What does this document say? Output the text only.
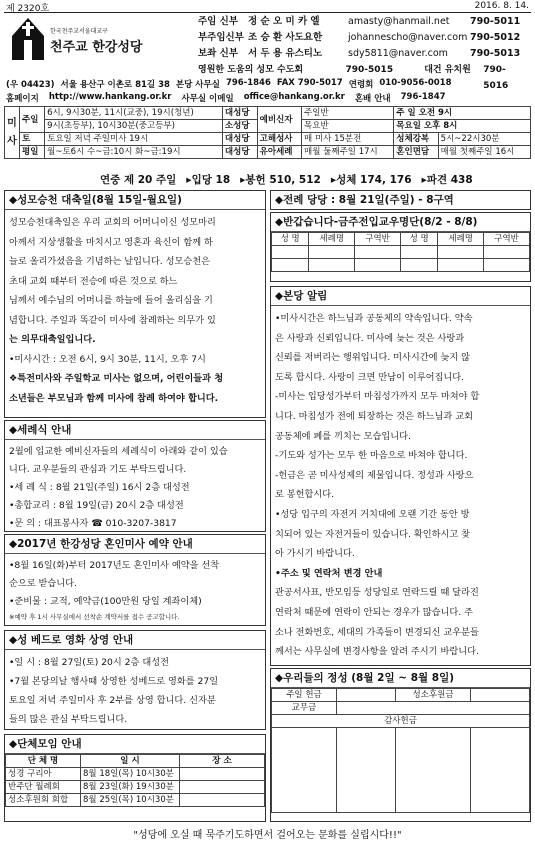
제 2320호	2016. 8. 14.
한국천주교서울대교구
천주교 한강성당
주임 신부	정 순 오 미 카 엘	amasty@hanmail.net	790-5011
부주임신부 조 승 환 사도요한	johannescho@naver.com 790-5012
보좌 신부	서 두 용 유스티노	sdy5811@naver.com	790-5013
영원한 도움의 성모 수도회	790-5015	대건 유치원	790-5016
(우 04423) 서울 용산구 이촌로 81길 38 본당 사무실 796-1846 FAX 790-5017 연령회 010-9056-0018
홈페이지 http://www.hankang.or.kr 사무실 이메일 office@hankang.or.kr 혼배 안내 796-1847
미
사	주일	6시, 9시30분, 11시(교중), 19시(청년)	대성당	예비신자	주일반	주 일 오전 9시	
		9시(초등부), 10시30분(중고등부)	소성당		목요반	목요일 오후 8시	
	토	토요일 저녁 주일미사 19시	대성당	고해성사	매 미사 15분전	성체강복	5시~22시30분
	평일	월~토6시 수~금:10시 화~금:19시	대성당	유아세례	매월 둘째주일 17시	혼인면담	매월 첫째주일 16시
연중 제 20 주일 ▸입당 18 ▸봉헌 510, 512 ▸성체 174, 176 ▸파견 438
◆성모승천 대축일(8월 15일-월요일)

성모승천대축일은 우리 교회의 어머니이신 성모마리

아께서 지상생활을 마치시고 영혼과 육신이 함께 하

늘로 올리가셨음을 기념하는 날입니다. 성모승천은

초대 교회 때부터 전승에 따른 것으로 하느

님께서 예수님의 어머니를 하늘에 들어 올리심을 기

념합니다. 주일과 똑같이 미사에 참례하는 의무가 있

는 의무대축일입니다.

•미사시간 : 오전 6시, 9시 30분, 11시, 오후 7시

❖특전미사와 주일학교 미사는 없으며, 어린이들과 청

소년들은 부모님과 함께 미사에 참례 하여야 합니다.

◆세례식 안내

2월에 입교한 예비신자들의 세례식이 아래와 같이 있습

니다. 교우분들의 관심과 기도 부탁드립니다.

•세 례 식 : 8월 21일(주일) 16시 2층 대성전

•총합교리 : 8월 19일(금) 20시 2층 대성전

•문 의 : 대표봉사자 ☎ 010-3207-3817

◆2017년 한강성당 혼인미사 예약 안내

•8월 16일(화)부터 2017년도 혼인미사 예약을 선착

순으로 받습니다.

•준비물 : 교적, 예약금(100만원 당일 계좌이체)

※예약 후 1시 사무실에서 선착순 계약서를 접수 공고합니다.

◆성 베드로 영화 상영 안내

•일 시 : 8월 27일(토) 20시 2층 대성전

•7월 본당의날 행사때 상영한 성베드로 영화를 27일

토요일 저녁 주일미사 후 2부를 상영 합니다. 신자분

들의 많은 관심 부탁드립니다.

◆단체모임 안내
단 체 명	일 시	장 소
성경 구리아	8월 18일(목) 10시30분	
반주단 월례회	8월 23일(화) 19시30분	
성소후원회 회합	8월 25일(목) 10시30분	
◆전례 당당 : 8월 21일(주일) - 8구역
◆반갑습니다-금주전입교우명단(8/2 - 8/8)
성 명	세례명	구역반	성 명	세례명	구역반

◆본당 알림

•미사시간은 하느님과 공동체의 약속입니다. 약속

은 사랑과 신뢰입니다. 미사에 늦는 것은 사랑과

신뢰를 저버리는 행위입니다. 미사시간에 늦지 않

도록 합시다. 사랑이 크면 만남이 이루어집니다.

-미사는 입당성가부터 마침성가까지 모두 마쳐야 합

니다. 마침성가 전에 퇴장하는 것은 하느님과 교회

공동체에 폐를 끼치는 모습입니다.

-기도와 성가는 모두 한 마음으로 바쳐야 합니다.

-헌금은 곧 미사성제의 제물입니다. 정성과 사랑으

로 봉헌합시다.

•성당 입구의 자전거 거치대에 오랜 기간 동안 방

치되어 있는 자전거들이 있습니다. 확인하시고 찾

아 가시기 바랍니다.

•주소 및 연락처 변경 안내

관공서사표, 반모임등 성당일로 연락드릴 때 달라진

연락처 때문에 연락이 안되는 경우가 많습니다. 주

소나 전화번호, 세대의 가족들이 변경되신 교우분들

께서는 사무실에 변경사항을 알려 주시기 바랍니다.

◆우리들의 정성 (8월 2일 ~ 8월 8일)
주일 헌금		성소후원금	
교무금			
감사헌금			

"성당에 오실 때 묵주기도하면서 걸어오는 문화를 실립시다!!"
